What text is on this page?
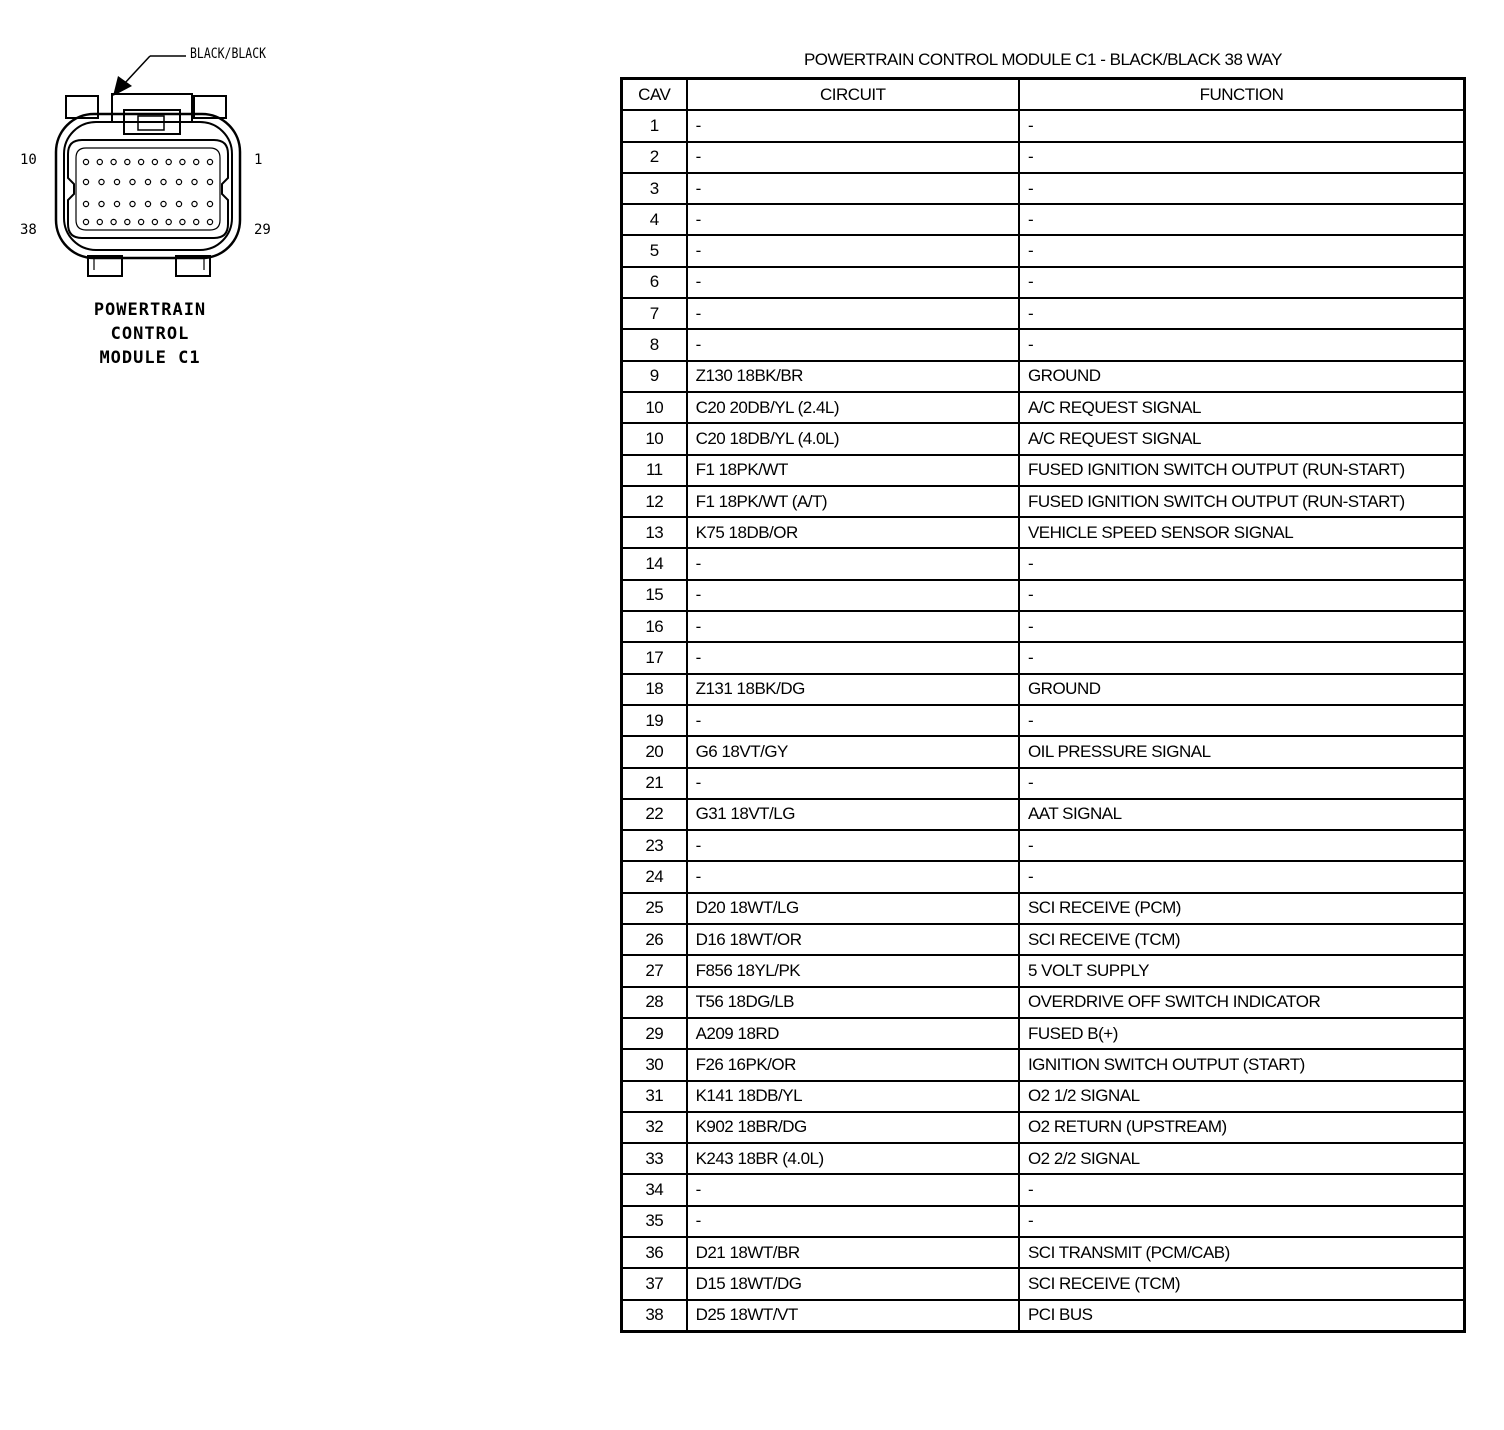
BLACK/BLACK
10	1
38	29
POWERTRAIN
CONTROL
MODULE C1
POWERTRAIN CONTROL MODULE C1 - BLACK/BLACK 38 WAY
CAV	CIRCUIT	FUNCTION
1	-	-
2	-	-
3	-	-
4	-	-
5	-	-
6	-	-
7	-	-
8	-	-
9	Z130 18BK/BR	GROUND
10	C20 20DB/YL (2.4L)	A/C REQUEST SIGNAL
10	C20 18DB/YL (4.0L)	A/C REQUEST SIGNAL
11	F1 18PK/WT	FUSED IGNITION SWITCH OUTPUT (RUN-START)
12	F1 18PK/WT (A/T)	FUSED IGNITION SWITCH OUTPUT (RUN-START)
13	K75 18DB/OR	VEHICLE SPEED SENSOR SIGNAL
14	-	-
15	-	-
16	-	-
17	-	-
18	Z131 18BK/DG	GROUND
19	-	-
20	G6 18VT/GY	OIL PRESSURE SIGNAL
21	-	-
22	G31 18VT/LG	AAT SIGNAL
23	-	-
24	-	-
25	D20 18WT/LG	SCI RECEIVE (PCM)
26	D16 18WT/OR	SCI RECEIVE (TCM)
27	F856 18YL/PK	5 VOLT SUPPLY
28	T56 18DG/LB	OVERDRIVE OFF SWITCH INDICATOR
29	A209 18RD	FUSED B(+)
30	F26 16PK/OR	IGNITION SWITCH OUTPUT (START)
31	K141 18DB/YL	O2 1/2 SIGNAL
32	K902 18BR/DG	O2 RETURN (UPSTREAM)
33	K243 18BR (4.0L)	O2 2/2 SIGNAL
34	-	-
35	-	-
36	D21 18WT/BR	SCI TRANSMIT (PCM/CAB)
37	D15 18WT/DG	SCI RECEIVE (TCM)
38	D25 18WT/VT	PCI BUS
